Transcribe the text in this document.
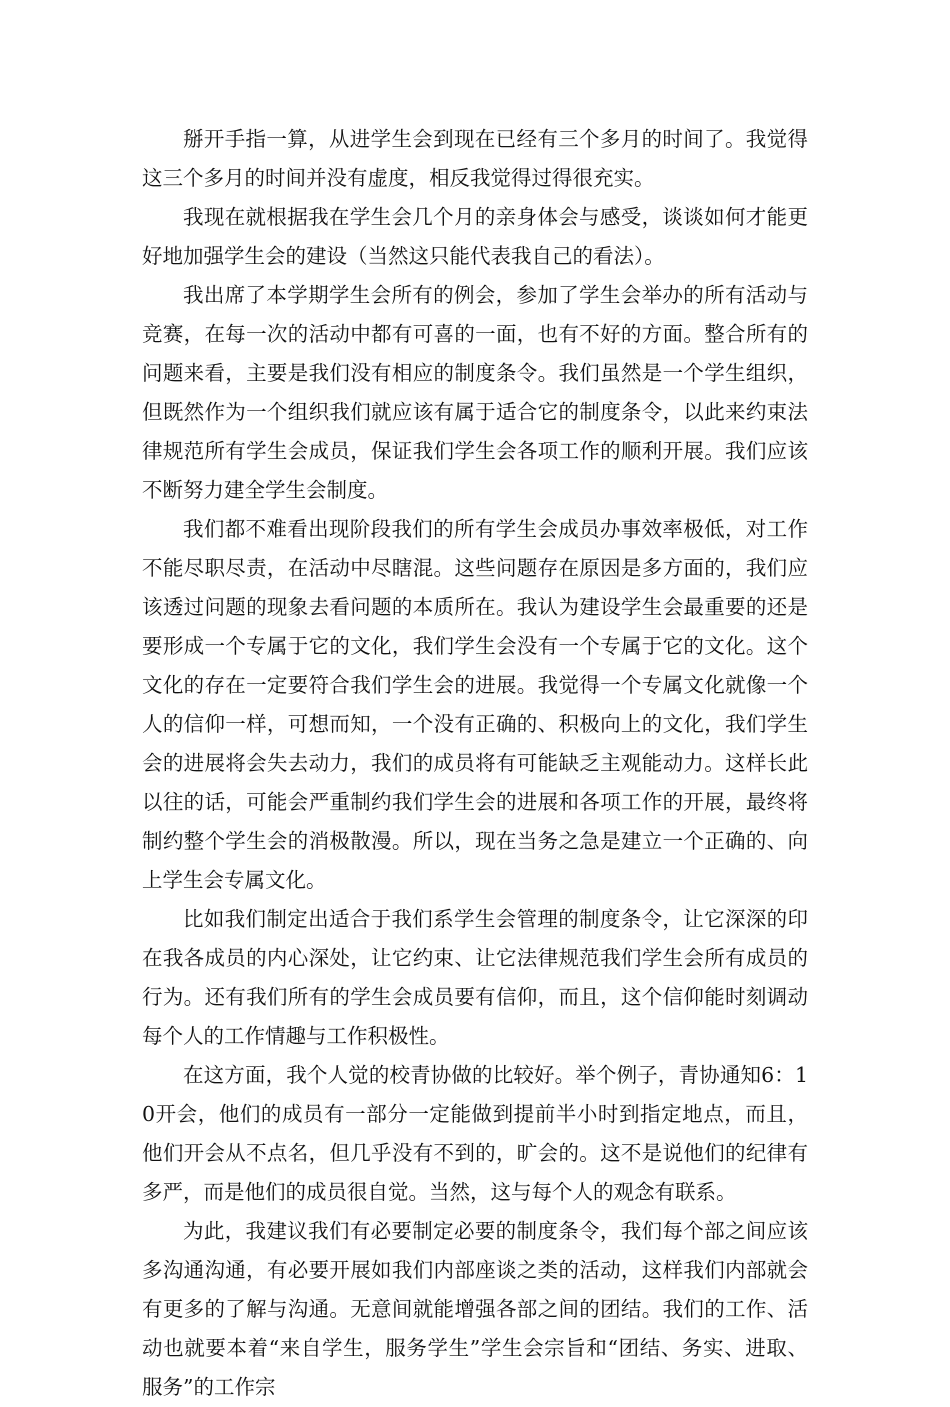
掰开手指一算，从进学生会到现在已经有三个多月的时间了。我觉得这三个多月的时间并没有虚度，相反我觉得过得很充实。

我现在就根据我在学生会几个月的亲身体会与感受，谈谈如何才能更好地加强学生会的建设（当然这只能代表我自己的看法）。

我出席了本学期学生会所有的例会，参加了学生会举办的所有活动与竞赛，在每一次的活动中都有可喜的一面，也有不好的方面。整合所有的问题来看，主要是我们没有相应的制度条令。我们虽然是一个学生组织，但既然作为一个组织我们就应该有属于适合它的制度条令，以此来约束法律规范所有学生会成员，保证我们学生会各项工作的顺利开展。我们应该不断努力建全学生会制度。

我们都不难看出现阶段我们的所有学生会成员办事效率极低，对工作不能尽职尽责，在活动中尽瞎混。这些问题存在原因是多方面的，我们应该透过问题的现象去看问题的本质所在。我认为建设学生会最重要的还是要形成一个专属于它的文化，我们学生会没有一个专属于它的文化。这个文化的存在一定要符合我们学生会的进展。我觉得一个专属文化就像一个人的信仰一样，可想而知，一个没有正确的、积极向上的文化，我们学生会的进展将会失去动力，我们的成员将有可能缺乏主观能动力。这样长此以往的话，可能会严重制约我们学生会的进展和各项工作的开展，最终将制约整个学生会的消极散漫。所以，现在当务之急是建立一个正确的、向上学生会专属文化。

比如我们制定出适合于我们系学生会管理的制度条令，让它深深的印在我各成员的内心深处，让它约束、让它法律规范我们学生会所有成员的行为。还有我们所有的学生会成员要有信仰，而且，这个信仰能时刻调动每个人的工作情趣与工作积极性。

在这方面，我个人觉的校青协做的比较好。举个例子，青协通知6：10开会，他们的成员有一部分一定能做到提前半小时到指定地点，而且，他们开会从不点名，但几乎没有不到的，旷会的。这不是说他们的纪律有多严，而是他们的成员很自觉。当然，这与每个人的观念有联系。

为此，我建议我们有必要制定必要的制度条令，我们每个部之间应该多沟通沟通，有必要开展如我们内部座谈之类的活动，这样我们内部就会有更多的了解与沟通。无意间就能增强各部之间的团结。我们的工作、活动也就要本着“来自学生，服务学生”学生会宗旨和“团结、务实、进取、服务”的工作宗
